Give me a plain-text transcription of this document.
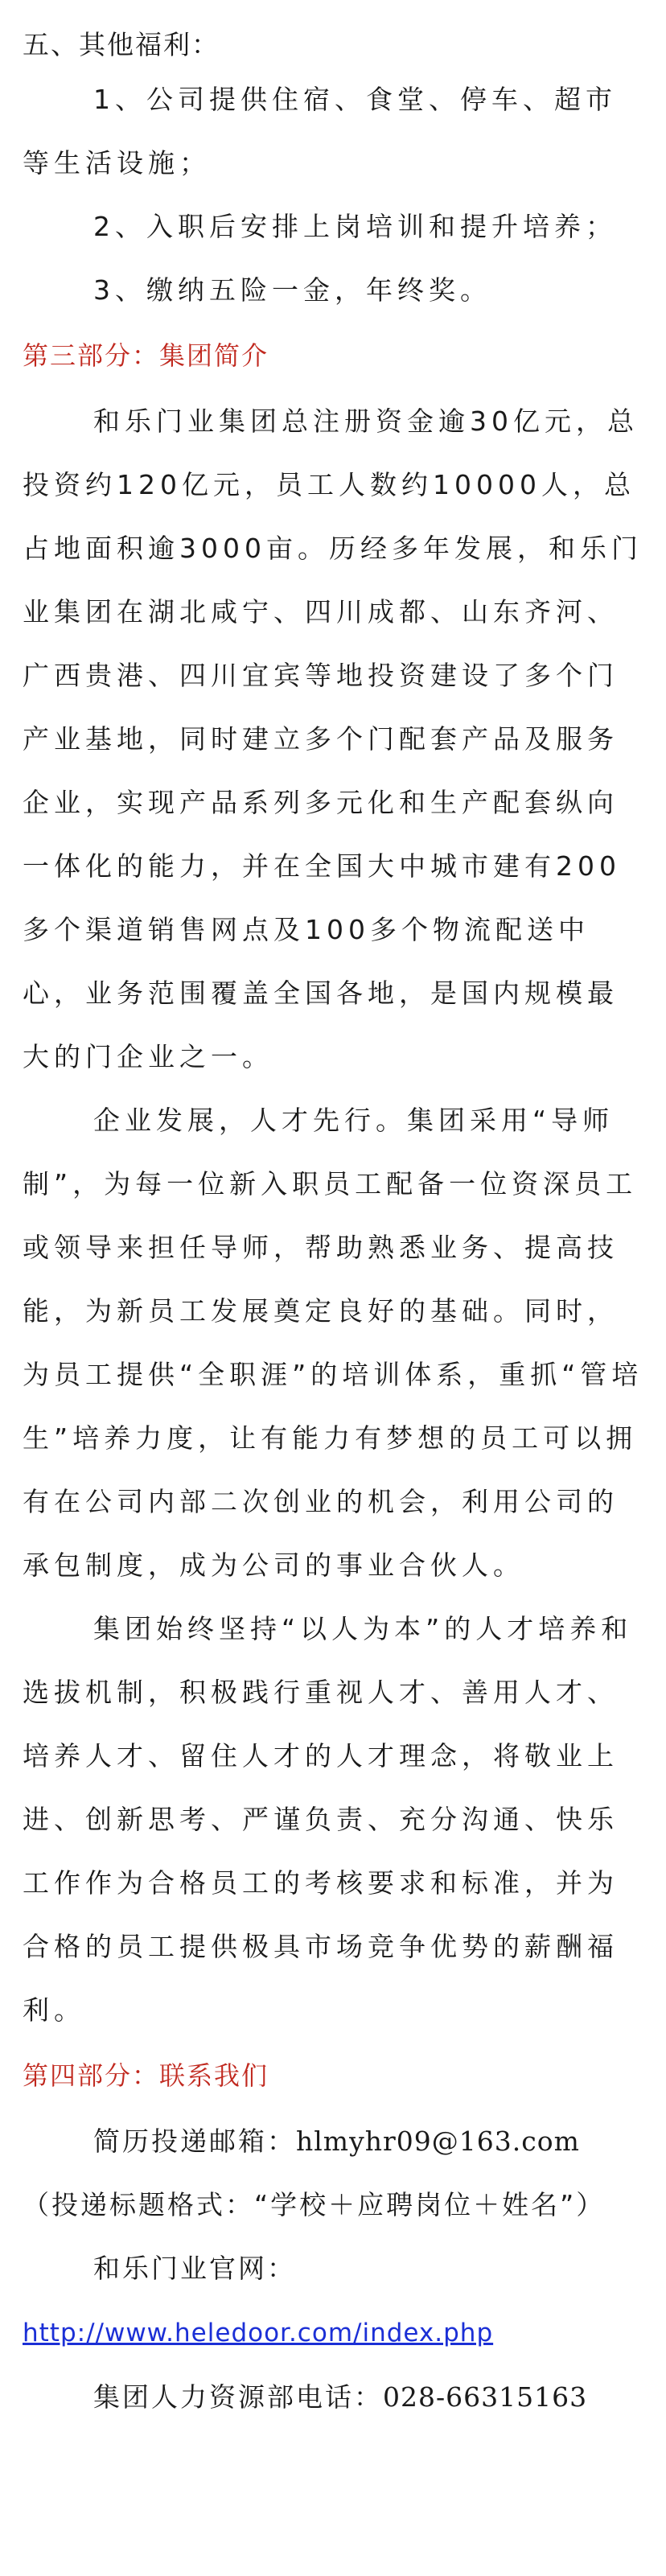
五、其他福利：

1、公司提供住宿、食堂、停车、超市等生活设施；

2、入职后安排上岗培训和提升培养；

3、缴纳五险一金，年终奖。

第三部分：集团简介

和乐门业集团总注册资金逾30亿元，总投资约120亿元，员工人数约10000人，总占地面积逾3000亩。历经多年发展，和乐门业集团在湖北咸宁、四川成都、山东齐河、广西贵港、四川宜宾等地投资建设了多个门产业基地，同时建立多个门配套产品及服务企业，实现产品系列多元化和生产配套纵向一体化的能力，并在全国大中城市建有200多个渠道销售网点及100多个物流配送中心，业务范围覆盖全国各地，是国内规模最大的门企业之一。

企业发展，人才先行。集团采用“导师制”，为每一位新入职员工配备一位资深员工或领导来担任导师，帮助熟悉业务、提高技能，为新员工发展奠定良好的基础。同时，为员工提供“全职涯”的培训体系，重抓“管培生”培养力度，让有能力有梦想的员工可以拥有在公司内部二次创业的机会，利用公司的承包制度，成为公司的事业合伙人。

集团始终坚持“以人为本”的人才培养和选拔机制，积极践行重视人才、善用人才、培养人才、留住人才的人才理念，将敬业上进、创新思考、严谨负责、充分沟通、快乐工作作为合格员工的考核要求和标准，并为合格的员工提供极具市场竞争优势的薪酬福利。

第四部分：联系我们

简历投递邮箱：hlmyhr09@163.com

（投递标题格式：“学校＋应聘岗位＋姓名”）

和乐门业官网：

http://www.heledoor.com/index.php

集团人力资源部电话：028-66315163
